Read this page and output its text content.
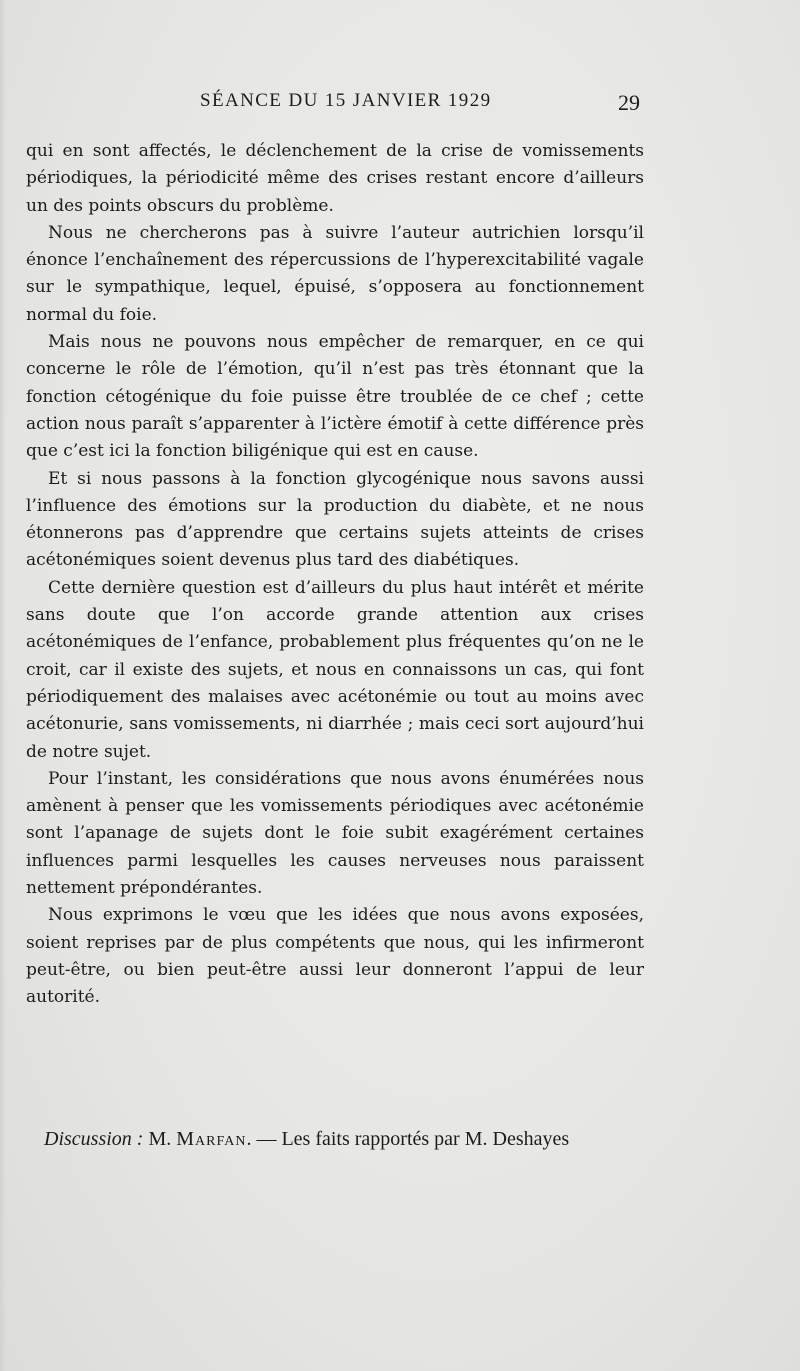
SÉANCE DU 15 JANVIER 1929	29

qui en sont affectés, le déclenchement de la crise de vomissements périodiques, la périodicité même des crises restant encore d’ailleurs un des points obscurs du problème.

Nous ne chercherons pas à suivre l’auteur autrichien lorsqu’il énonce l’enchaînement des répercussions de l’hyperexcitabilité vagale sur le sympathique, lequel, épuisé, s’opposera au fonctionnement normal du foie.

Mais nous ne pouvons nous empêcher de remarquer, en ce qui concerne le rôle de l’émotion, qu’il n’est pas très étonnant que la fonction cétogénique du foie puisse être troublée de ce chef ; cette action nous paraît s’apparenter à l’ictère émotif à cette différence près que c’est ici la fonction biligénique qui est en cause.

Et si nous passons à la fonction glycogénique nous savons aussi l’influence des émotions sur la production du diabète, et ne nous étonnerons pas d’apprendre que certains sujets atteints de crises acétonémiques soient devenus plus tard des diabétiques.

Cette dernière question est d’ailleurs du plus haut intérêt et mérite sans doute que l’on accorde grande attention aux crises acétonémiques de l’enfance, probablement plus fréquentes qu’on ne le croit, car il existe des sujets, et nous en connaissons un cas, qui font périodiquement des malaises avec acétonémie ou tout au moins avec acétonurie, sans vomissements, ni diarrhée ; mais ceci sort aujourd’hui de notre sujet.

Pour l’instant, les considérations que nous avons énumérées nous amènent à penser que les vomissements périodiques avec acétonémie sont l’apanage de sujets dont le foie subit exagérément certaines influences parmi lesquelles les causes nerveuses nous paraissent nettement prépondérantes.

Nous exprimons le vœu que les idées que nous avons exposées, soient reprises par de plus compétents que nous, qui les infirmeront peut-être, ou bien peut-être aussi leur donneront l’appui de leur autorité.

Discussion : M. Marfan. — Les faits rapportés par M. Deshayes
